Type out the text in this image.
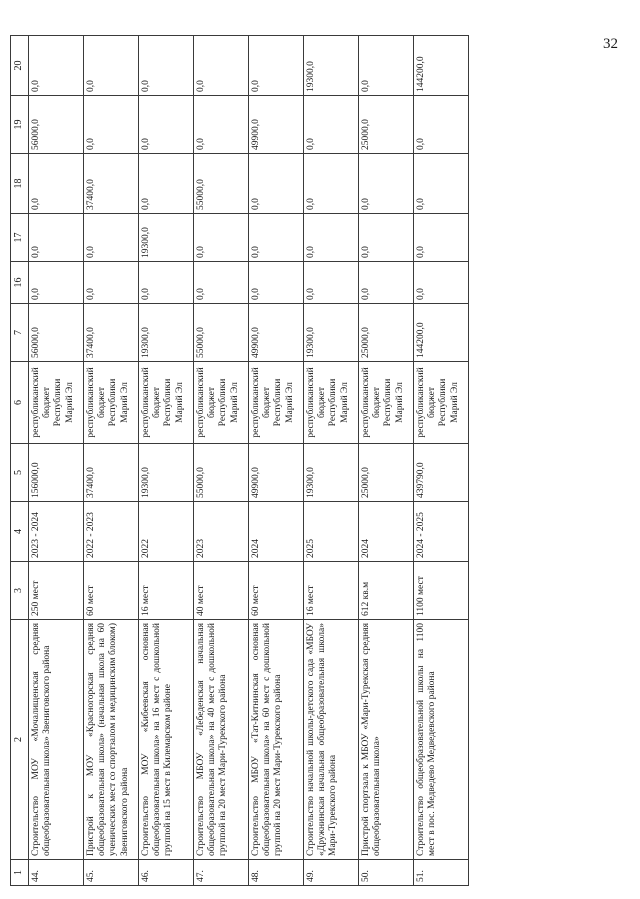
32
1	2	3	4	5	6	7	16	17	18	19	20
44.	Строительство МОУ «Мочалищенская средняя общеобразовательная школа» Звениговского района	250 мест	2023 - 2024	156000,0	республиканский бюджет Республики Марий Эл	56000,0	0,0	0,0	0,0	56000,0	0,0
45.	Пристрой к МОУ «Красногорская средняя общеобразовательная школа» (начальная школа на 60 ученических мест со спортзалом и медицинским блоком) Звениговского района	60 мест	2022 - 2023	37400,0	республиканский бюджет Республики Марий Эл	37400,0	0,0	0,0	37400,0	0,0	0,0
46.	Строительство МОУ «Кибеевская основная общеобразовательная школа» на 16 мест с дошкольной группой на 15 мест в Килемарском районе	16 мест	2022	19300,0	республиканский бюджет Республики Марий Эл	19300,0	0,0	19300,0	0,0	0,0	0,0
47.	Строительство МБОУ «Лебеденская начальная общеобразовательная школа» на 40 мест с дошкольной группой на 20 мест Мари-Турекского района	40 мест	2023	55000,0	республиканский бюджет Республики Марий Эл	55000,0	0,0	0,0	55000,0	0,0	0,0
48.	Строительство МБОУ «Тат-Китнинская основная общеобразовательная школа» на 60 мест с дошкольной группой на 20 мест Мари-Турекского района	60 мест	2024	49900,0	республиканский бюджет Республики Марий Эл	49900,0	0,0	0,0	0,0	49900,0	0,0
49.	Строительство начальной школы-детского сада «МБОУ «Дружнинская начальная общеобразовательная школа» Мари-Турекского района	16 мест	2025	19300,0	республиканский бюджет Республики Марий Эл	19300,0	0,0	0,0	0,0	0,0	19300,0
50.	Пристрой спортзала к МБОУ «Мари-Турекская средняя общеобразовательная школа»	612 кв.м	2024	25000,0	республиканский бюджет Республики Марий Эл	25000,0	0,0	0,0	0,0	25000,0	0,0
51.	Строительство общеобразовательной школы на 1100 мест в пос. Медведево Медведевского района	1100 мест	2024 - 2025	439790,0	республиканский бюджет Республики Марий Эл	144200,0	0,0	0,0	0,0	0,0	144200,0
